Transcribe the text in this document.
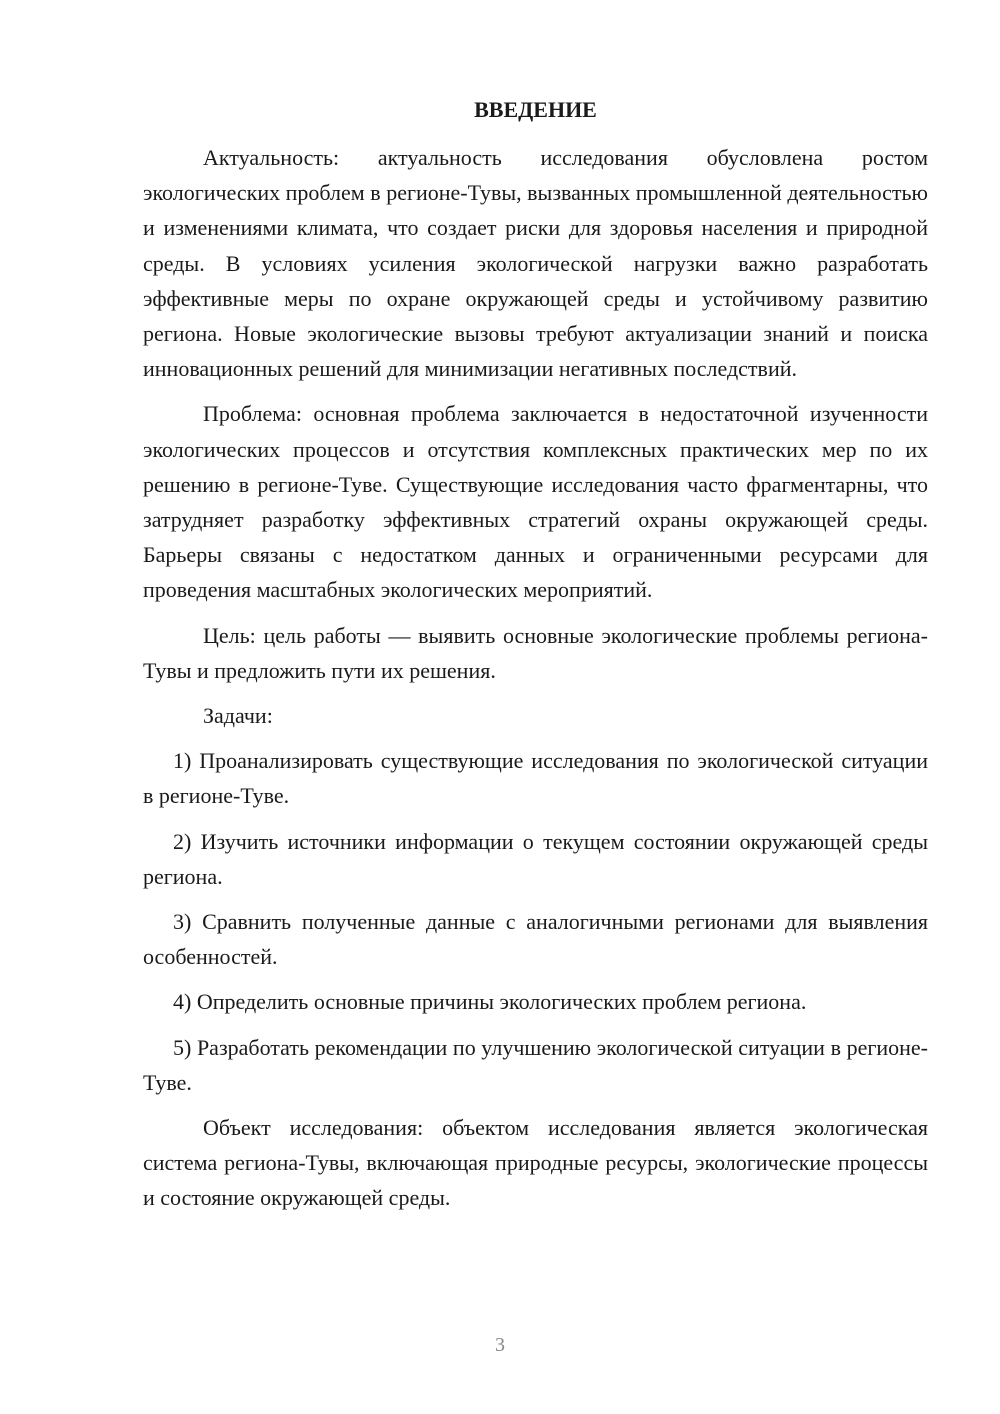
ВВЕДЕНИЕ

Актуальность: актуальность исследования обусловлена ростом экологических проблем в регионе-Тувы, вызванных промышленной деятельностью и изменениями климата, что создает риски для здоровья населения и природной среды. В условиях усиления экологической нагрузки важно разработать эффективные меры по охране окружающей среды и устойчивому развитию региона. Новые экологические вызовы требуют актуализации знаний и поиска инновационных решений для минимизации негативных последствий.

Проблема: основная проблема заключается в недостаточной изученности экологических процессов и отсутствия комплексных практических мер по их решению в регионе-Туве. Существующие исследования часто фрагментарны, что затрудняет разработку эффективных стратегий охраны окружающей среды. Барьеры связаны с недостатком данных и ограниченными ресурсами для проведения масштабных экологических мероприятий.

Цель: цель работы — выявить основные экологические проблемы региона-Тувы и предложить пути их решения.

Задачи:

1) Проанализировать существующие исследования по экологической ситуации в регионе-Туве.

2) Изучить источники информации о текущем состоянии окружающей среды региона.

3) Сравнить полученные данные с аналогичными регионами для выявления особенностей.

4) Определить основные причины экологических проблем региона.

5) Разработать рекомендации по улучшению экологической ситуации в регионе-Туве.

Объект исследования: объектом исследования является экологическая система региона-Тувы, включающая природные ресурсы, экологические процессы и состояние окружающей среды.

3
